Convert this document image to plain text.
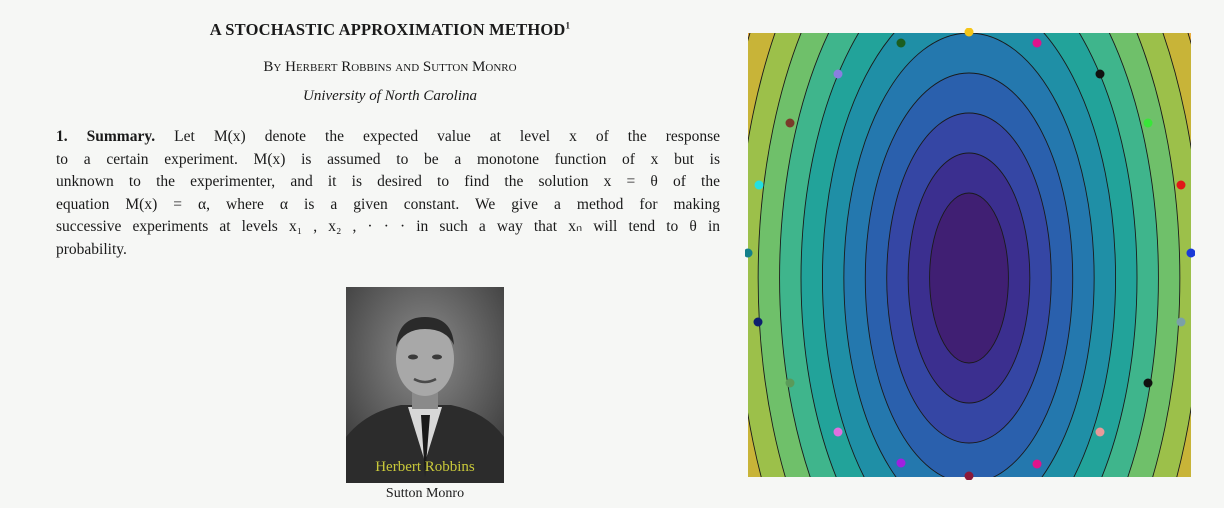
A STOCHASTIC APPROXIMATION METHOD$^1$
By Herbert Robbins and Sutton Monro
University of North Carolina
1. Summary. Let M(x) denote the expected value at level x of the response
to a certain experiment. M(x) is assumed to be a monotone function of x but is
unknown to the experimenter, and it is desired to find the solution x = θ of the
equation M(x) = α, where α is a given constant. We give a method for making
successive experiments at levels x₁ , x₂ , · · · in such a way that xₙ will tend to θ in
probability.
Herbert Robbins
Sutton Monro
